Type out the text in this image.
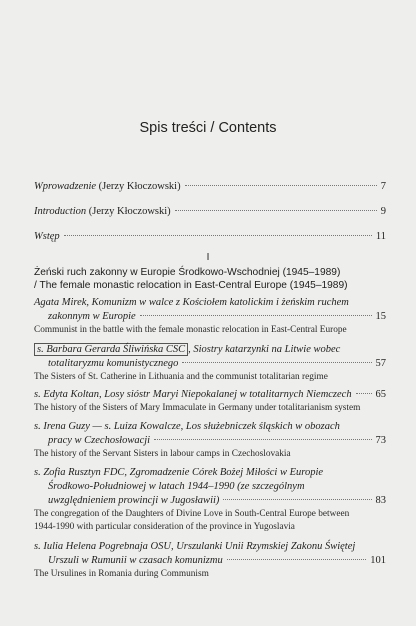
Spis treści / Contents
Wprowadzenie (Jerzy Kłoczowski)	7
Introduction (Jerzy Kłoczowski)	9
Wstęp	11
I
Żeński ruch zakonny w Europie Środkowo-Wschodniej (1945–1989)
/ The female monastic relocation in East-Central Europe (1945–1989)
Agata Mirek, Komunizm w walce z Kościołem katolickim i żeńskim ruchem
zakonnym w Europie	15
Communist in the battle with the female monastic relocation in East-Central Europe
s. Barbara Gerarda Śliwińska CSC , Siostry katarzynki na Litwie wobec
totalitaryzmu komunistycznego	57
The Sisters of St. Catherine in Lithuania and the communist totalitarian regime
s. Edyta Koltan, Losy sióstr Maryi Niepokalanej w totalitarnych Niemczech 65
The history of the Sisters of Mary Immaculate in Germany under totalitarianism system
s. Irena Guzy — s. Luiza Kowalcze, Los służebniczek śląskich w obozach
pracy w Czechosłowacji	73
The history of the Servant Sisters in labour camps in Czechoslovakia
s. Zofia Rusztyn FDC, Zgromadzenie Córek Bożej Miłości w Europie
Środkowo-Południowej w latach 1944–1990 (ze szczególnym
uwzględnieniem prowincji w Jugosławii)	83
The congregation of the Daughters of Divine Love in South-Central Europe between
1944-1990 with particular consideration of the province in Yugoslavia
s. Iulia Helena Pogrebnaja OSU, Urszulanki Unii Rzymskiej Zakonu Świętej
Urszuli w Rumunii w czasach komunizmu	101
The Ursulines in Romania during Communism
